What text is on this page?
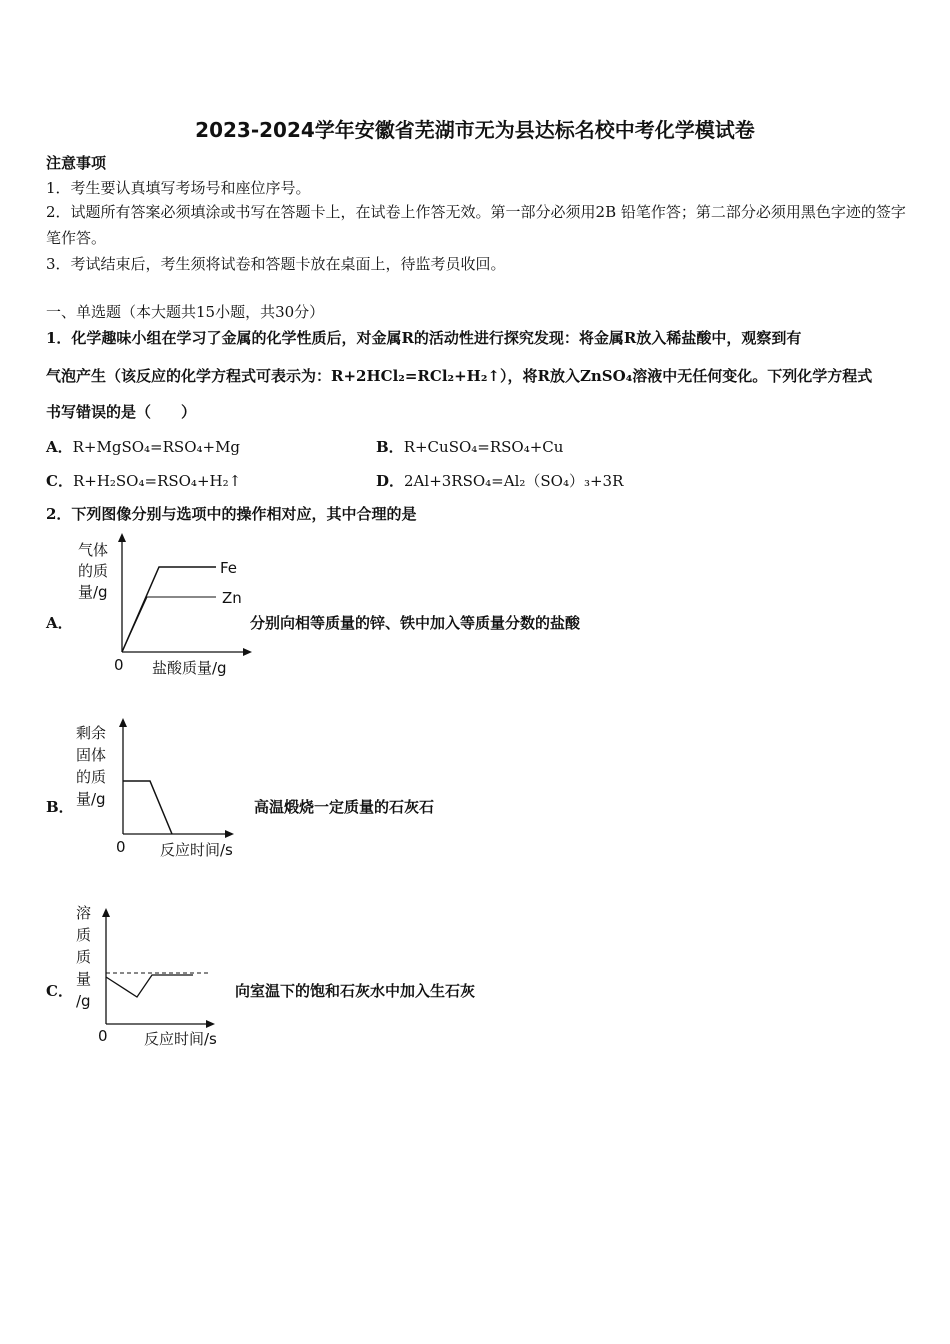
2023-2024学年安徽省芜湖市无为县达标名校中考化学模试卷
注意事项
1．考生要认真填写考场号和座位序号。
2．试题所有答案必须填涂或书写在答题卡上，在试卷上作答无效。第一部分必须用2B 铅笔作答；第二部分必须用黑色字迹的签字笔作答。
3．考试结束后，考生须将试卷和答题卡放在桌面上，待监考员收回。
一、单选题（本大题共15小题，共30分）
1．化学趣味小组在学习了金属的化学性质后，对金属R的活动性进行探究发现：将金属R放入稀盐酸中，观察到有
气泡产生（该反应的化学方程式可表示为：R+2HCl₂=RCl₂+H₂↑），将R放入ZnSO₄溶液中无任何变化。下列化学方程式
书写错误的是（　　）
A．R+MgSO₄=RSO₄+Mg	B．R+CuSO₄=RSO₄+Cu
C．R+H₂SO₄=RSO₄+H₂↑	D．2Al+3RSO₄=Al₂（SO₄）₃+3R
2．下列图像分别与选项中的操作相对应，其中合理的是
A．
气体
的质
量/g
Fe
Zn
0 盐酸质量/g
分别向相等质量的锌、铁中加入等质量分数的盐酸
B．
剩余
固体
的质
量/g
0 反应时间/s
高温煅烧一定质量的石灰石
C．
溶
质
质
量
/g
0 反应时间/s
向室温下的饱和石灰水中加入生石灰
